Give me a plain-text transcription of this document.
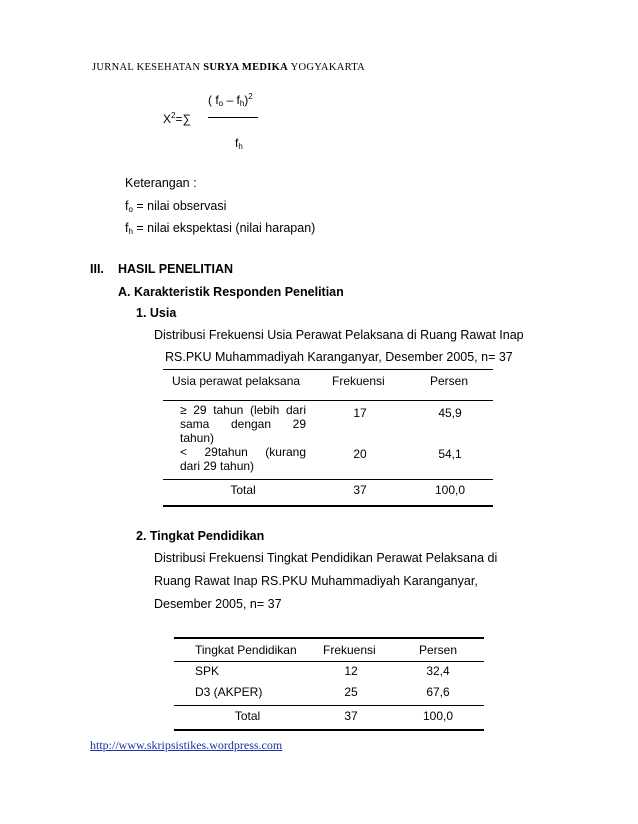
JURNAL KESEHATAN SURYA MEDIKA YOGYAKARTA
( $f_o - f_h)^2$
$X^2=\sum$
$f_h$
Keterangan :
$f_o$ = nilai observasi
$f_h$ = nilai ekspektasi (nilai harapan)
III. HASIL PENELITIAN
A. Karakteristik Responden Penelitian
1. Usia
Distribusi Frekuensi Usia Perawat Pelaksana di Ruang Rawat Inap
RS.PKU Muhammadiyah Karanganyar, Desember 2005, n= 37
Usia perawat pelaksana	Frekuensi	Persen
≥ 29 tahun (lebih dari
sama dengan 29
tahun)
17	45,9
< 29tahun (kurang
dari 29 tahun)
20	54,1
Total	37	100,0
2. Tingkat Pendidikan
Distribusi Frekuensi Tingkat Pendidikan Perawat Pelaksana di
Ruang Rawat Inap RS.PKU Muhammadiyah Karanganyar,
Desember 2005, n= 37
Tingkat Pendidikan Frekuensi	Persen
SPK	12	32,4
D3 (AKPER)	25	67,6
Total	37	100,0
http://www.skripsistikes.wordpress.com
